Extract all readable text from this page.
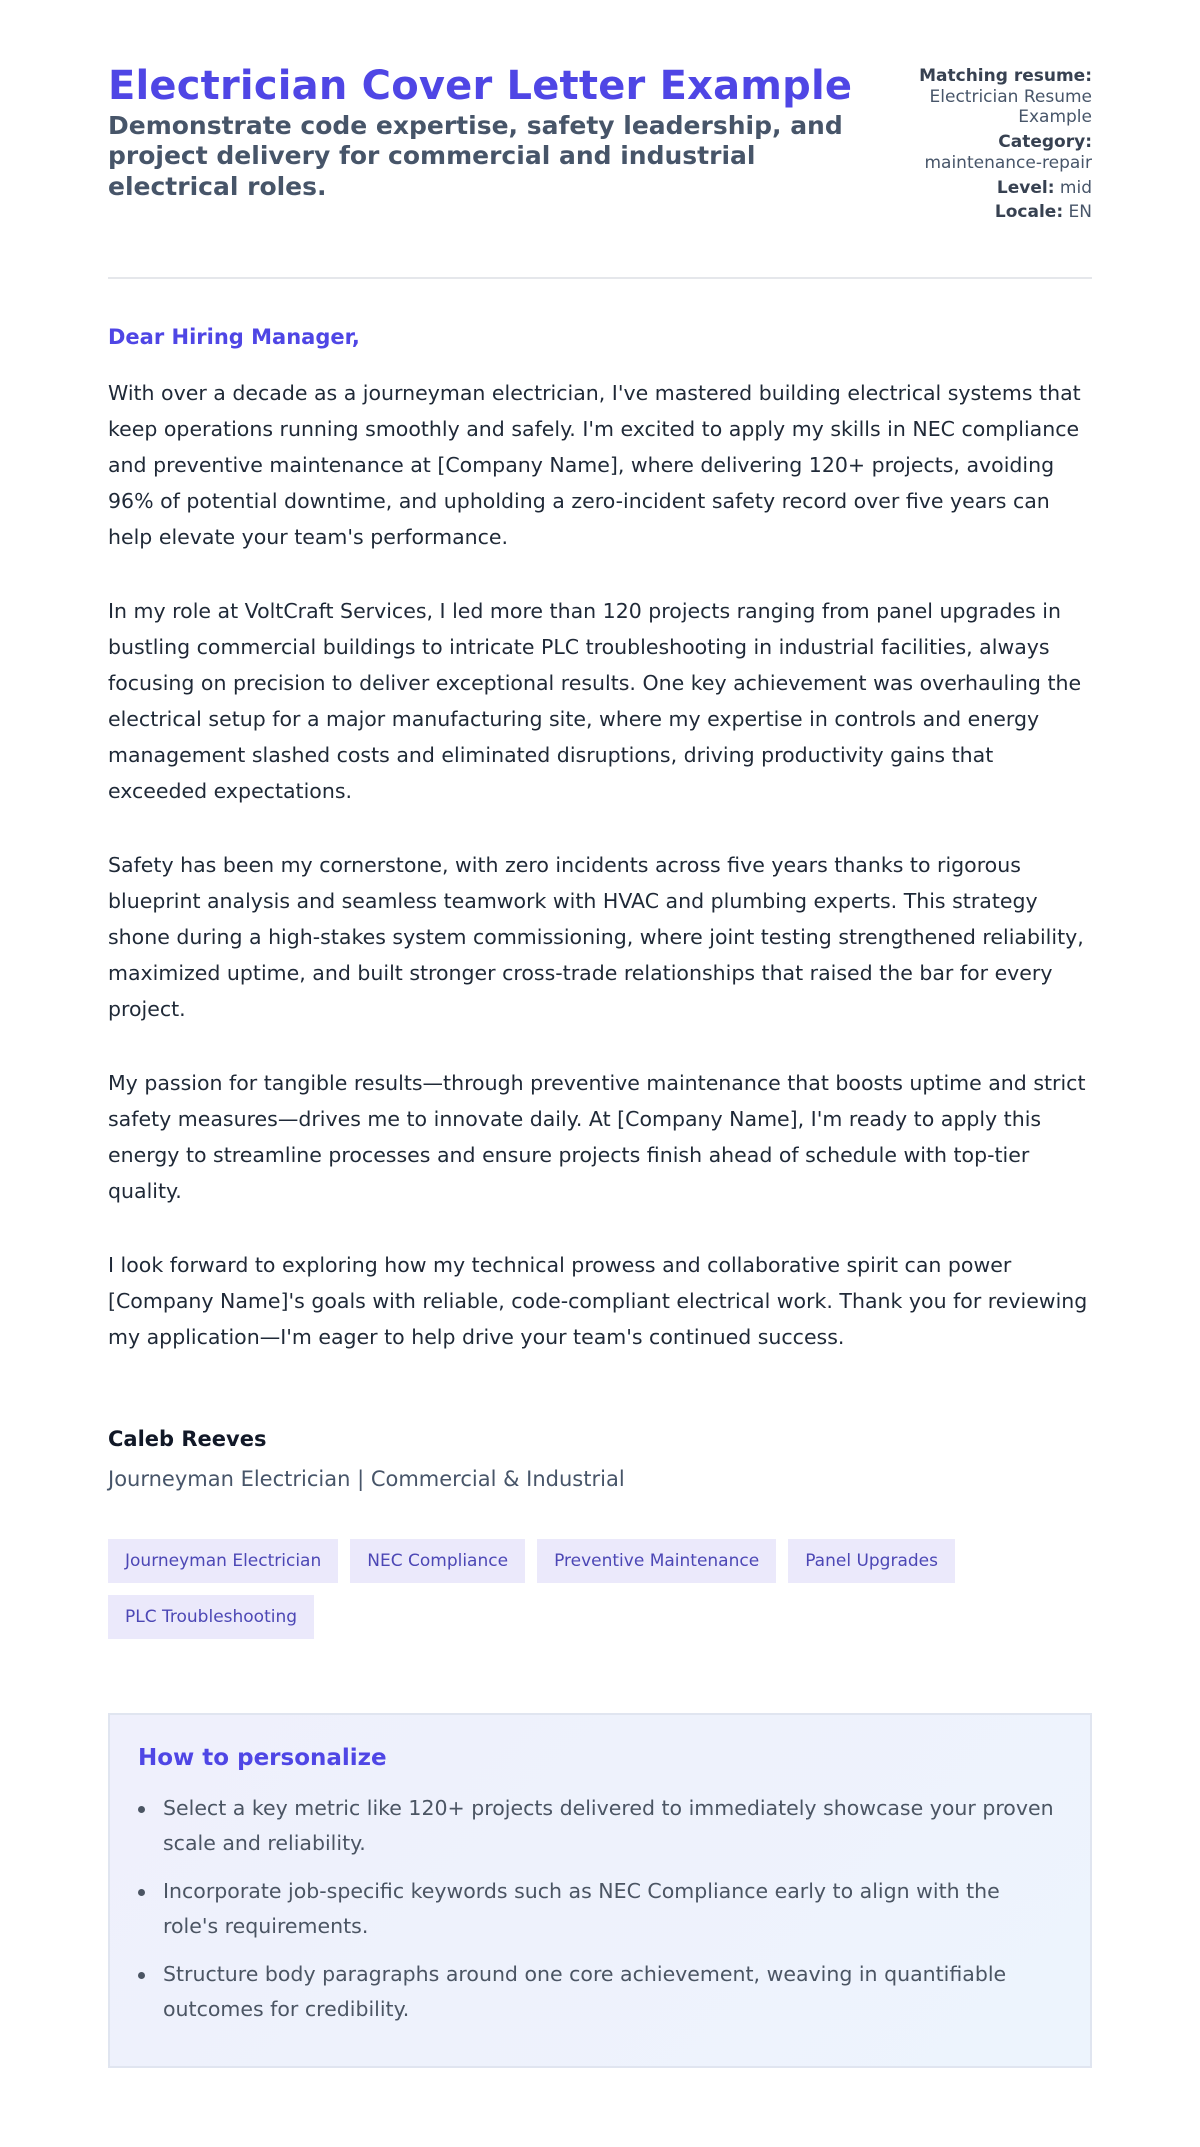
Electrician Cover Letter Example
Demonstrate code expertise, safety leadership, and project delivery for commercial and industrial electrical roles.
Matching resume:
Electrician Resume Example
Category:
maintenance-repair
Level: mid
Locale: EN

Dear Hiring Manager,

With over a decade as a journeyman electrician, I've mastered building electrical systems that keep operations running smoothly and safely. I'm excited to apply my skills in NEC compliance and preventive maintenance at [Company Name], where delivering 120+ projects, avoiding 96% of potential downtime, and upholding a zero-incident safety record over five years can help elevate your team's performance.

In my role at VoltCraft Services, I led more than 120 projects ranging from panel upgrades in bustling commercial buildings to intricate PLC troubleshooting in industrial facilities, always focusing on precision to deliver exceptional results. One key achievement was overhauling the electrical setup for a major manufacturing site, where my expertise in controls and energy management slashed costs and eliminated disruptions, driving productivity gains that exceeded expectations.

Safety has been my cornerstone, with zero incidents across five years thanks to rigorous blueprint analysis and seamless teamwork with HVAC and plumbing experts. This strategy shone during a high-stakes system commissioning, where joint testing strengthened reliability, maximized uptime, and built stronger cross-trade relationships that raised the bar for every project.

My passion for tangible results—through preventive maintenance that boosts uptime and strict safety measures—drives me to innovate daily. At [Company Name], I'm ready to apply this energy to streamline processes and ensure projects finish ahead of schedule with top-tier quality.

I look forward to exploring how my technical prowess and collaborative spirit can power [Company Name]'s goals with reliable, code-compliant electrical work. Thank you for reviewing my application—I'm eager to help drive your team's continued success.

Caleb Reeves
Journeyman Electrician | Commercial & Industrial
Journeyman Electrician	NEC Compliance	Preventive Maintenance	Panel Upgrades
PLC Troubleshooting
How to personalize
Select a key metric like 120+ projects delivered to immediately showcase your proven scale and reliability.
Incorporate job-specific keywords such as NEC Compliance early to align with the role's requirements.
Structure body paragraphs around one core achievement, weaving in quantifiable outcomes for credibility.
